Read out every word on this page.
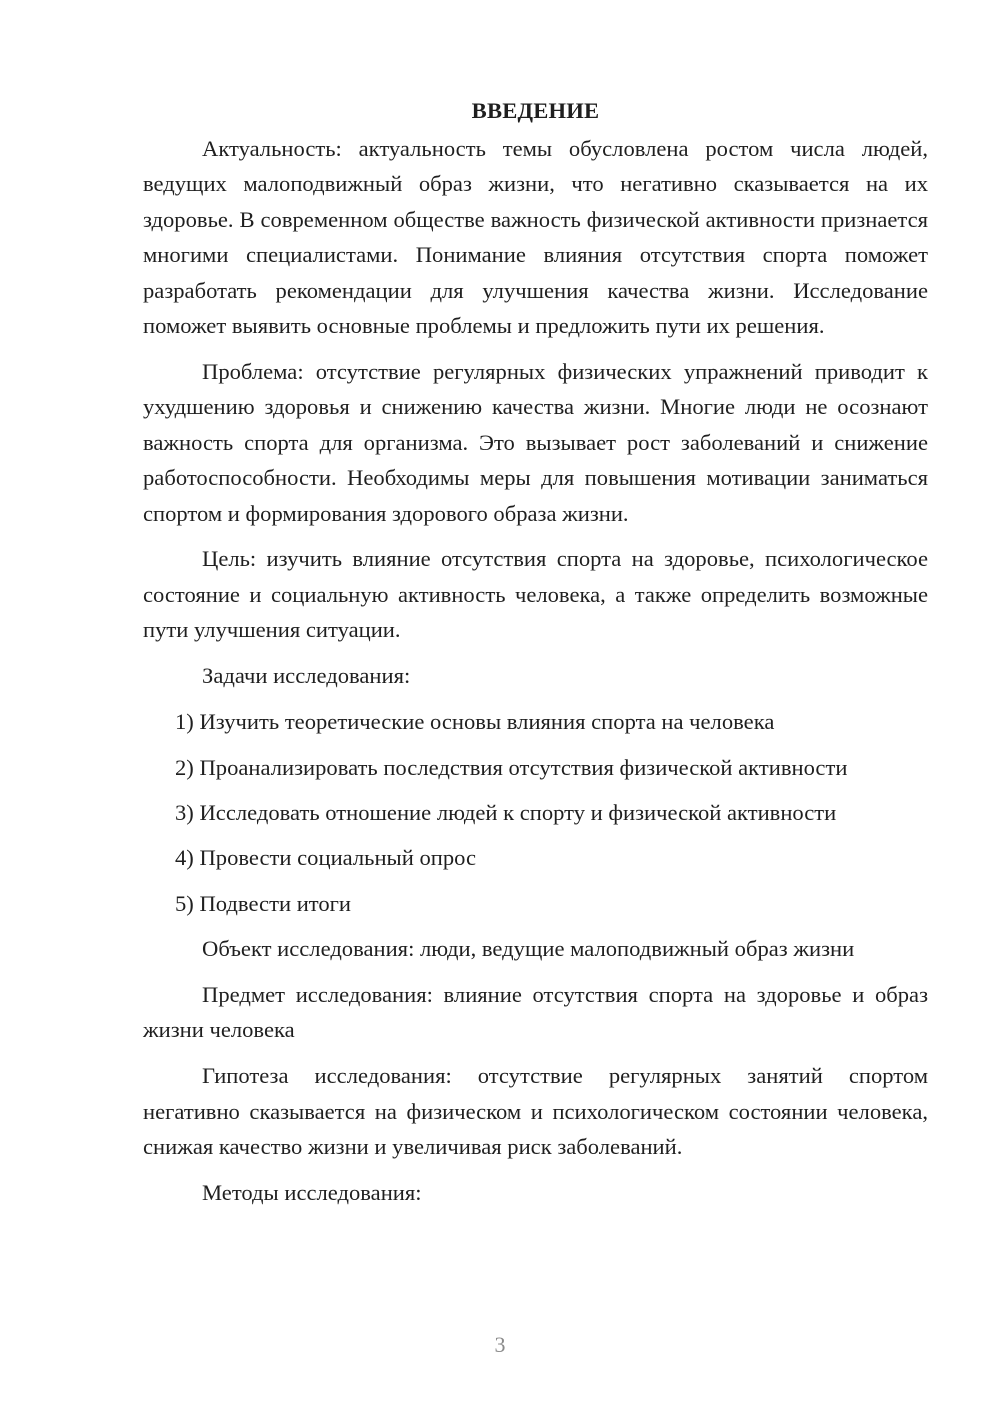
ВВЕДЕНИЕ

Актуальность: актуальность темы обусловлена ростом числа людей, ведущих малоподвижный образ жизни, что негативно сказывается на их здоровье. В современном обществе важность физической активности признается многими специалистами. Понимание влияния отсутствия спорта поможет разработать рекомендации для улучшения качества жизни. Исследование поможет выявить основные проблемы и предложить пути их решения.

Проблема: отсутствие регулярных физических упражнений приводит к ухудшению здоровья и снижению качества жизни. Многие люди не осознают важность спорта для организма. Это вызывает рост заболеваний и снижение работоспособности. Необходимы меры для повышения мотивации заниматься спортом и формирования здорового образа жизни.

Цель: изучить влияние отсутствия спорта на здоровье, психологическое состояние и социальную активность человека, а также определить возможные пути улучшения ситуации.

Задачи исследования:

1) Изучить теоретические основы влияния спорта на человека
2) Проанализировать последствия отсутствия физической активности
3) Исследовать отношение людей к спорту и физической активности
4) Провести социальный опрос
5) Подвести итоги

Объект исследования: люди, ведущие малоподвижный образ жизни

Предмет исследования: влияние отсутствия спорта на здоровье и образ жизни человека

Гипотеза исследования: отсутствие регулярных занятий спортом негативно сказывается на физическом и психологическом состоянии человека, снижая качество жизни и увеличивая риск заболеваний.

Методы исследования:

3
